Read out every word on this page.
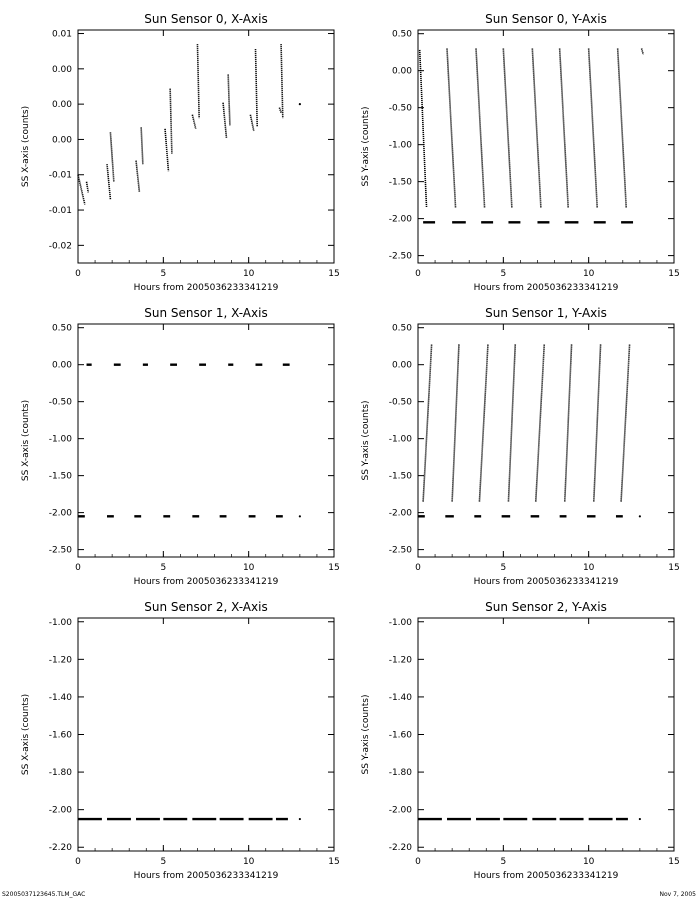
Sun Sensor 0, X-Axis
0	5	10	15
-0.02
-0.01
-0.01
0.00
0.00
0.00
0.01
Hours from 2005036233341219
SS X-axis (counts)
Sun Sensor 0, Y-Axis
0	5	10	15
-2.50
-2.00
-1.50
-1.00
-0.50
0.00
0.50
Hours from 2005036233341219
SS Y-axis (counts)
Sun Sensor 1, X-Axis
0	5	10	15
-2.50
-2.00
-1.50
-1.00
-0.50
0.00
0.50
Hours from 2005036233341219
SS X-axis (counts)
Sun Sensor 1, Y-Axis
0	5	10	15
-2.50
-2.00
-1.50
-1.00
-0.50
0.00
0.50
Hours from 2005036233341219
SS Y-axis (counts)
Sun Sensor 2, X-Axis
0	5	10	15
-2.20
-2.00
-1.80
-1.60
-1.40
-1.20
-1.00
Hours from 2005036233341219
SS X-axis (counts)
Sun Sensor 2, Y-Axis
0	5	10	15
-2.20
-2.00
-1.80
-1.60
-1.40
-1.20
-1.00
Hours from 2005036233341219
SS Y-axis (counts)
S2005037123645.TLM_GAC	Nov 7, 2005
